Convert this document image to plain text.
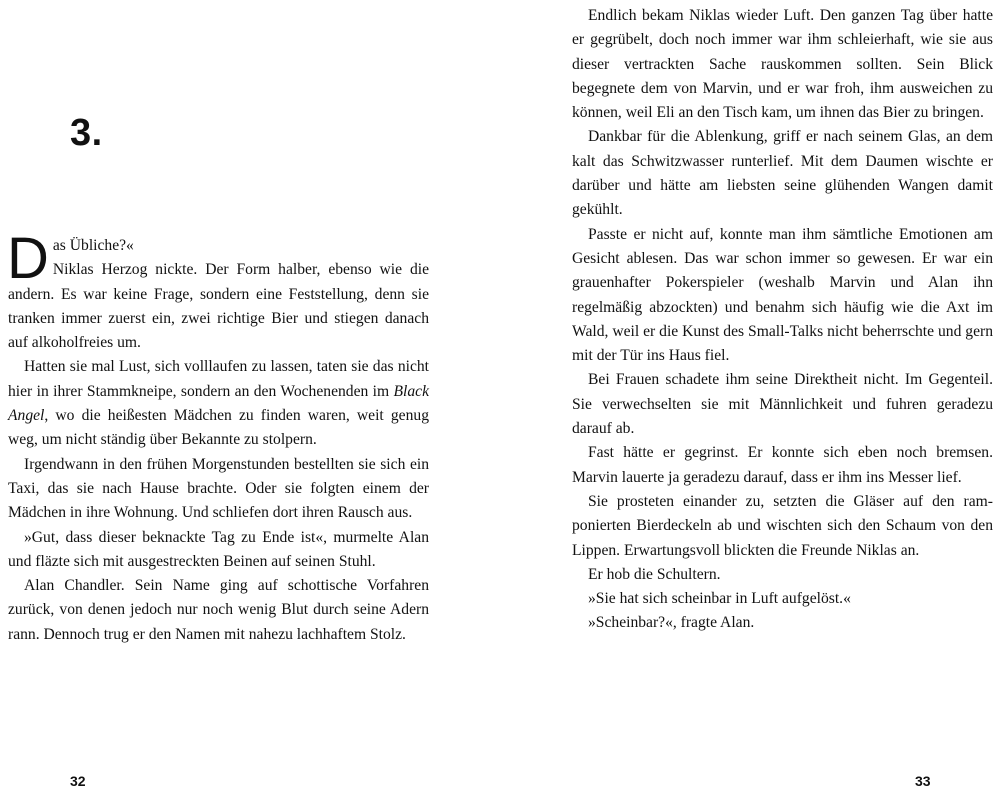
3.

Das Übliche?«

Niklas Herzog nickte. Der Form halber, ebenso wie die andern. Es war keine Frage, sondern eine Feststellung, denn sie tranken immer zuerst ein, zwei richtige Bier und stiegen danach auf alkoholfreies um.

Hatten sie mal Lust, sich volllaufen zu lassen, taten sie das nicht hier in ihrer Stammkneipe, sondern an den Wochenenden im Black Angel, wo die heißesten Mädchen zu finden waren, weit genug weg, um nicht ständig über Bekannte zu stolpern.

Irgendwann in den frühen Morgenstunden bestellten sie sich ein Taxi, das sie nach Hause brachte. Oder sie folgten einem der Mädchen in ihre Wohnung. Und schliefen dort ihren Rausch aus.

»Gut, dass dieser beknackte Tag zu Ende ist«, murmelte Alan und fläzte sich mit ausgestreckten Beinen auf seinen Stuhl.

Alan Chandler. Sein Name ging auf schottische Vorfahren zurück, von denen jedoch nur noch wenig Blut durch seine Adern rann. Dennoch trug er den Namen mit nahezu lachhaftem Stolz.

32

Endlich bekam Niklas wieder Luft. Den ganzen Tag über hatte er gegrübelt, doch noch immer war ihm schleierhaft, wie sie aus dieser vertrackten Sache rauskommen sollten. Sein Blick begegnete dem von Marvin, und er war froh, ihm ausweichen zu können, weil Eli an den Tisch kam, um ihnen das Bier zu bringen.

Dankbar für die Ablenkung, griff er nach seinem Glas, an dem kalt das Schwitzwasser runterlief. Mit dem Daumen wischte er darüber und hätte am liebsten seine glühenden Wangen damit gekühlt.

Passte er nicht auf, konnte man ihm sämtliche Emotionen am Gesicht ablesen. Das war schon immer so gewesen. Er war ein grauenhafter Pokerspieler (weshalb Marvin und Alan ihn regelmäßig abzockten) und benahm sich häufig wie die Axt im Wald, weil er die Kunst des Small-Talks nicht beherrschte und gern mit der Tür ins Haus fiel.

Bei Frauen schadete ihm seine Direktheit nicht. Im Gegenteil. Sie verwechselten sie mit Männlichkeit und fuhren geradezu darauf ab.

Fast hätte er gegrinst. Er konnte sich eben noch bremsen. Marvin lauerte ja geradezu darauf, dass er ihm ins Messer lief.

Sie prosteten einander zu, setzten die Gläser auf den ramponierten Bierdeckeln ab und wischten sich den Schaum von den Lippen. Erwartungsvoll blickten die Freunde Niklas an.

Er hob die Schultern.

»Sie hat sich scheinbar in Luft aufgelöst.«

»Scheinbar?«, fragte Alan.

33
